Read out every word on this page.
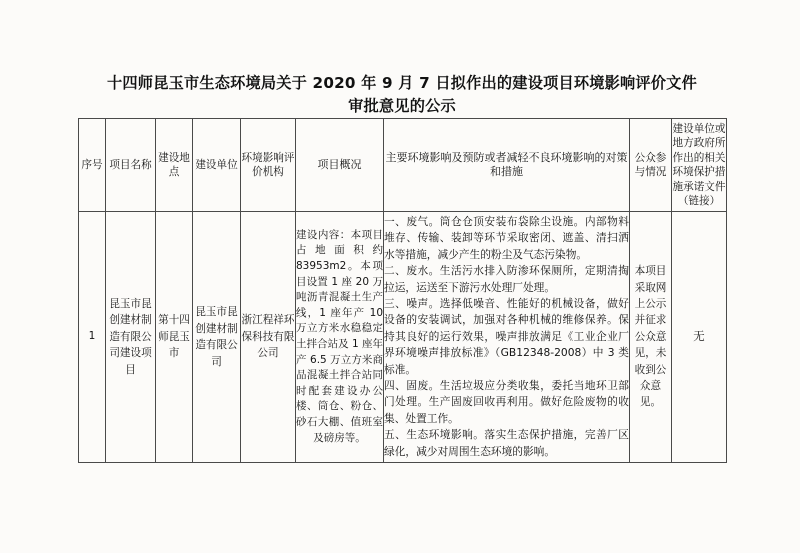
十四师昆玉市生态环境局关于 2020 年 9 月 7 日拟作出的建设项目环境影响评价文件
审批意见的公示
序号	项目名称	建设地点	建设单位	环境影响评价机构	项目概况	主要环境影响及预防或者减轻不良环境影响的对策和措施	公众参与情况	建设单位或地方政府所作出的相关环境保护措施承诺文件（链接）
1	昆玉市昆创建材制造有限公司建设项目	第十四师昆玉市	昆玉市昆创建材制造有限公司	浙江程祥环保科技有限公司	建设内容：本项目占地面积约83953m2。本项目设置 1 座 20 万吨沥青混凝土生产线，1 座年产 10 万立方米水稳稳定土拌合站及 1 座年产 6.5 万立方米商品混凝土拌合站同时配套建设办公楼、筒仓、粉仓、砂石大棚、值班室及磅房等。	一、废气。筒仓仓顶安装布袋除尘设施。内部物料堆存、传输、装卸等环节采取密闭、遮盖、清扫洒水等措施，减少产生的粉尘及气态污染物。

二、废水。生活污水排入防渗环保厕所，定期清掏拉运，运送至下游污水处理厂处理。

三、噪声。选择低噪音、性能好的机械设备，做好设备的安装调试，加强对各种机械的维修保养。保持其良好的运行效果，噪声排放满足《工业企业厂界环境噪声排放标准》（GB12348-2008）中 3 类标准。

四、固废。生活垃圾应分类收集，委托当地环卫部门处理。生产固废回收再利用。做好危险废物的收集、处置工作。

五、生态环境影响。落实生态保护措施，完善厂区绿化，减少对周围生态环境的影响。	本项目采取网上公示并征求公众意见，未收到公众意见。	无
